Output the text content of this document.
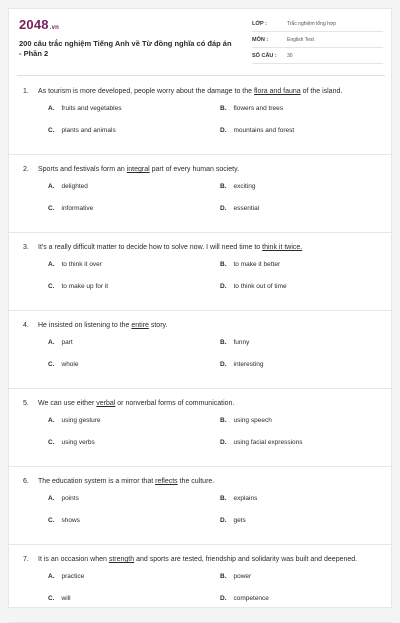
2048.vn
200 câu trắc nghiệm Tiếng Anh về Từ đồng nghĩa có đáp án - Phần 2
LỚP :	Trắc nghiệm tổng hợp
MÔN :	English Test
SỐ CÂU : 30
1. As tourism is more developed, people worry about the damage to the flora and fauna of the island.
A. fruits and vegetables	B. flowers and trees
C. plants and animals	D. mountains and forest
2. Sports and festivals form an integral part of every human society.
A. delighted	B. exciting
C. informative	D. essential
3. It's a really difficult matter to decide how to solve now. I will need time to think it twice.
A. to think it over	B. to make it better
C. to make up for it	D. to think out of time
4. He insisted on listening to the entire story.
A. part	B. funny
C. whole	D. interesting
5. We can use either verbal or nonverbal forms of communication.
A. using gesture	B. using speech
C. using verbs	D. using facial expressions
6. The education system is a mirror that reflects the culture.
A. points	B. explains
C. shows	D. gets
7. It is an occasion when strength and sports are tested, friendship and solidarity was built and deepened.
A. practice	B. power
C. will	D. competence
